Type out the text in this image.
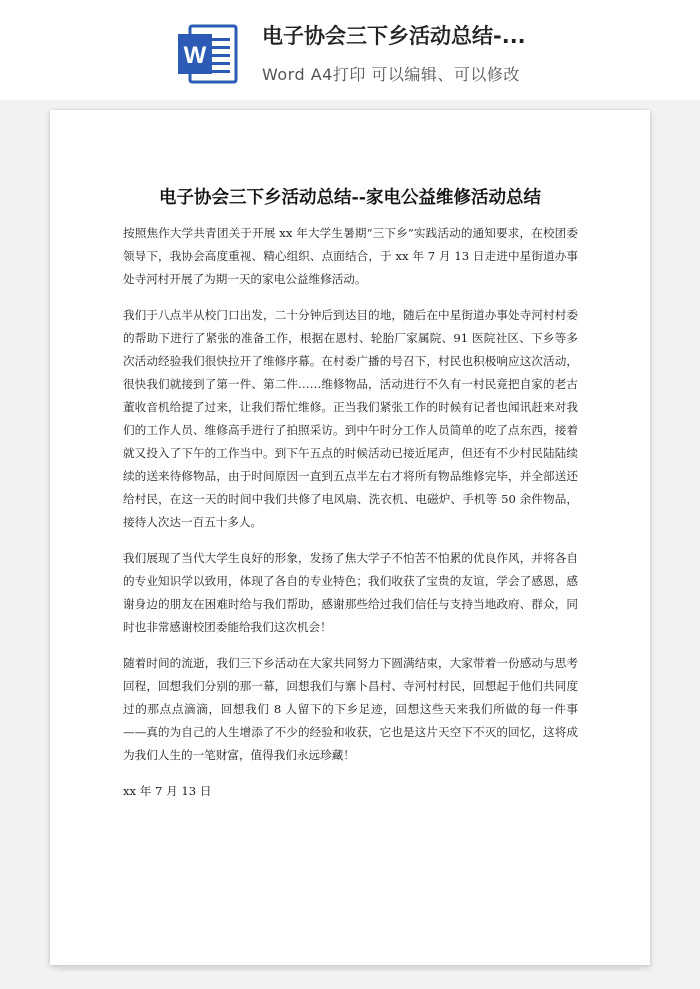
W
电子协会三下乡活动总结-...
Word A4打印 可以编辑、可以修改
电子协会三下乡活动总结--家电公益维修活动总结

按照焦作大学共青团关于开展 xx 年大学生暑期“三下乡”实践活动的通知要求，在校团委领导下，我协会高度重视、精心组织、点面结合，于 xx 年 7 月 13 日走进中星街道办事处寺河村开展了为期一天的家电公益维修活动。

我们于八点半从校门口出发，二十分钟后到达目的地，随后在中星街道办事处寺河村村委的帮助下进行了紧张的准备工作，根据在恩村、轮胎厂家属院、91 医院社区、下乡等多次活动经验我们很快拉开了维修序幕。在村委广播的号召下，村民也积极响应这次活动，很快我们就接到了第一件、第二件……维修物品，活动进行不久有一村民竟把自家的老古董收音机给提了过来，让我们帮忙维修。正当我们紧张工作的时候有记者也闻讯赶来对我们的工作人员、维修高手进行了拍照采访。到中午时分工作人员简单的吃了点东西，接着就又投入了下午的工作当中。到下午五点的时候活动已接近尾声，但还有不少村民陆陆续续的送来待修物品，由于时间原因一直到五点半左右才将所有物品维修完毕，并全部送还给村民，在这一天的时间中我们共修了电风扇、洗衣机、电磁炉、手机等 50 余件物品，接待人次达一百五十多人。

我们展现了当代大学生良好的形象，发扬了焦大学子不怕苦不怕累的优良作风，并将各自的专业知识学以致用，体现了各自的专业特色；我们收获了宝贵的友谊，学会了感恩，感谢身边的朋友在困难时给与我们帮助，感谢那些给过我们信任与支持当地政府、群众，同时也非常感谢校团委能给我们这次机会！

随着时间的流逝，我们三下乡活动在大家共同努力下圆满结束，大家带着一份感动与思考回程，回想我们分别的那一幕，回想我们与寨卜昌村、寺河村村民，回想起于他们共同度过的那点点滴滴，回想我们 8 人留下的下乡足迹，回想这些天来我们所做的每一件事——真的为自己的人生增添了不少的经验和收获，它也是这片天空下不灭的回忆，这将成为我们人生的一笔财富，值得我们永远珍藏！

xx 年 7 月 13 日
